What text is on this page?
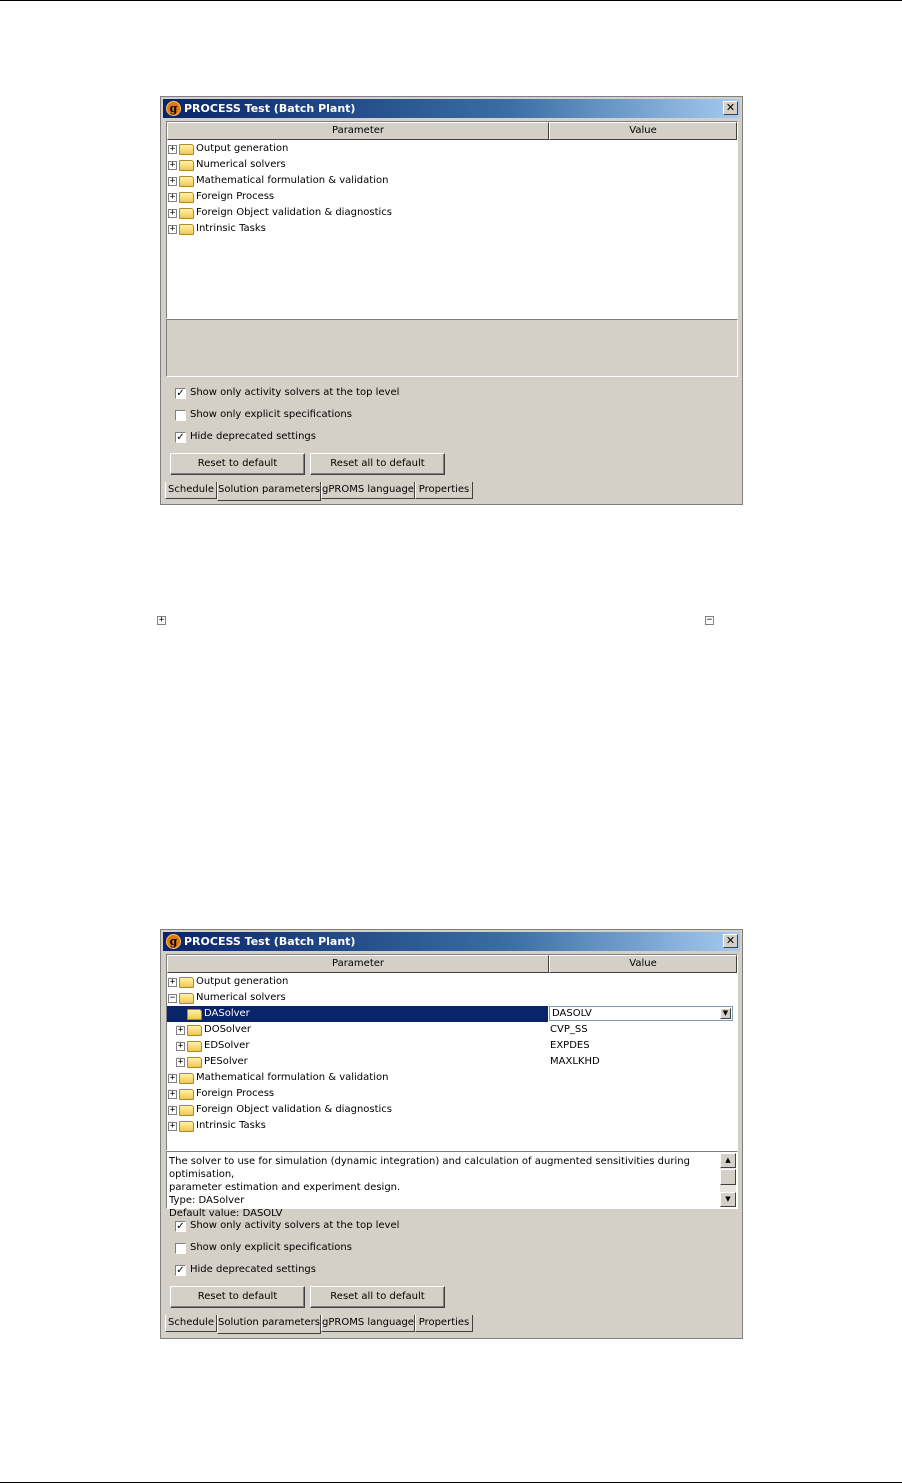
g PROCESS Test (Batch Plant)	✕
Parameter	Value
+ Output generation
+ Numerical solvers
+ Mathematical formulation & validation
+ Foreign Process
+ Foreign Object validation & diagnostics
+ Intrinsic Tasks
✓ Show only activity solvers at the top level
Show only explicit specifications
✓ Hide deprecated settings
Reset to default	Reset all to default
Schedule Solution parameters gPROMS language Properties
+	−
g PROCESS Test (Batch Plant)	✕
Parameter	Value
+ Output generation
− Numerical solvers
DASolver	DASOLV	▼
+ DOSolver	CVP_SS
+ EDSolver	EXPDES
+ PESolver	MAXLKHD
+ Mathematical formulation & validation
+ Foreign Process
+ Foreign Object validation & diagnostics
+ Intrinsic Tasks
The solver to use for simulation (dynamic integration) and calculation of augmented sensitivities during optimisation,
parameter estimation and experiment design.
Type: DASolver
Default value: DASOLV
▲
▼
✓ Show only activity solvers at the top level
Show only explicit specifications
✓ Hide deprecated settings
Reset to default	Reset all to default
Schedule Solution parameters gPROMS language Properties
